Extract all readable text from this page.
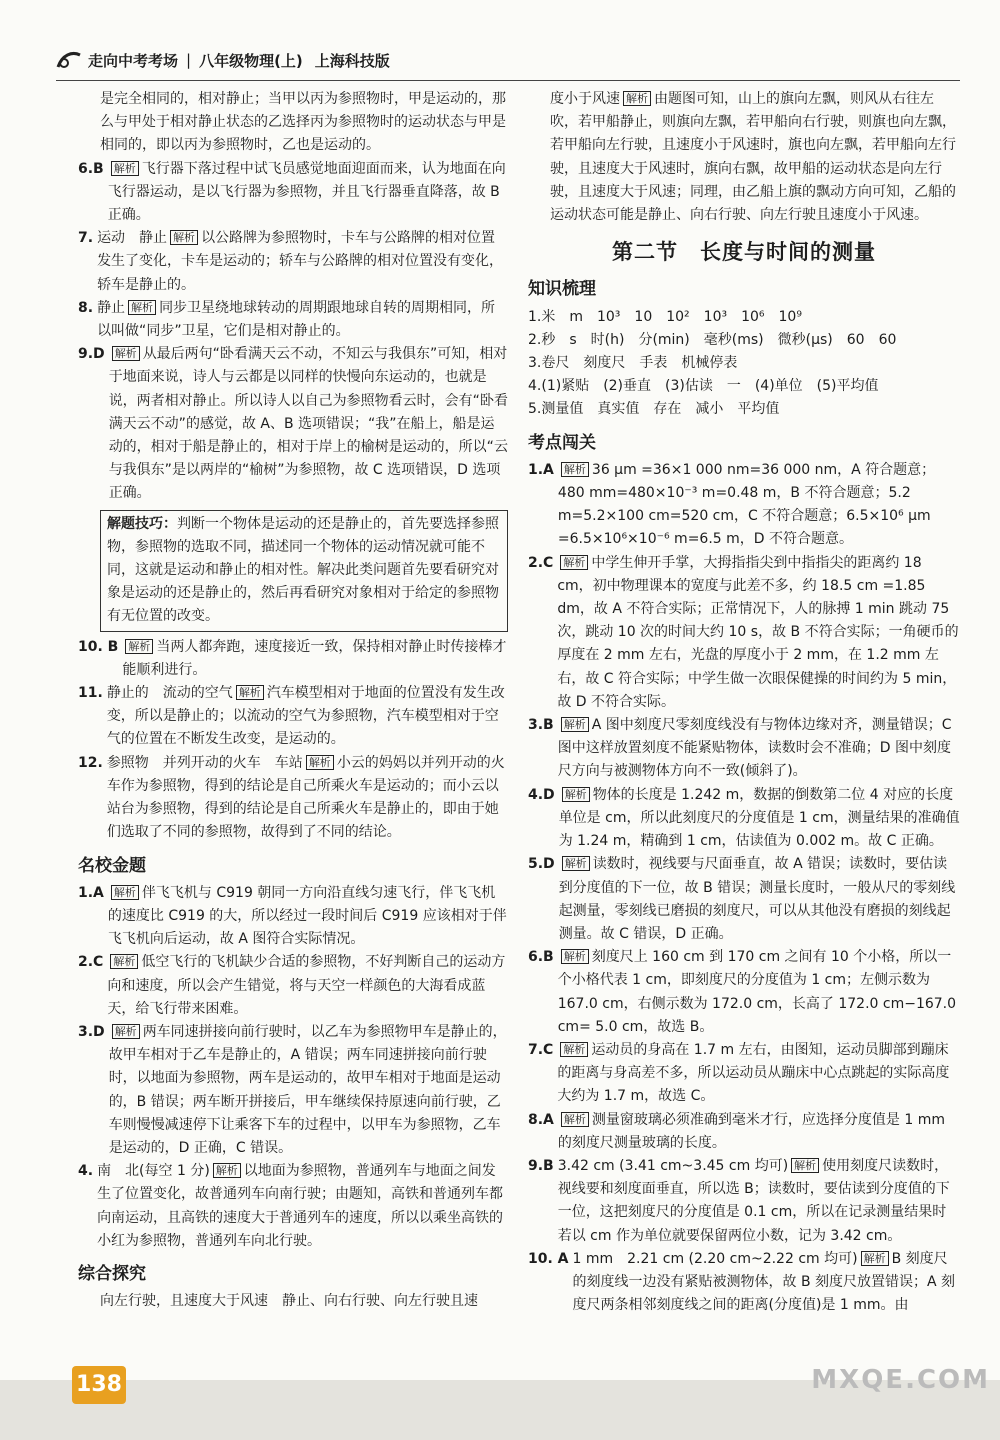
走向中考考场 | 八年级物理(上) 上海科技版
是完全相同的，相对静止；当甲以丙为参照物时，甲是运动的，那么与甲处于相对静止状态的乙选择丙为参照物时的运动状态与甲是相同的，即以丙为参照物时，乙也是运动的。
6.B 解析 飞行器下落过程中试飞员感觉地面迎面而来，认为地面在向飞行器运动，是以飞行器为参照物，并且飞行器垂直降落，故 B 正确。
7. 运动　静止 解析 以公路牌为参照物时，卡车与公路牌的相对位置发生了变化，卡车是运动的；轿车与公路牌的相对位置没有变化，轿车是静止的。
8. 静止 解析 同步卫星绕地球转动的周期跟地球自转的周期相同，所以叫做“同步”卫星，它们是相对静止的。
9.D 解析 从最后两句“卧看满天云不动，不知云与我俱东”可知，相对于地面来说，诗人与云都是以同样的快慢向东运动的，也就是说，两者相对静止。所以诗人以自己为参照物看云时，会有“卧看满天云不动”的感觉，故 A、B 选项错误；“我”在船上，船是运动的，相对于船是静止的，相对于岸上的榆树是运动的，所以“云与我俱东”是以两岸的“榆树”为参照物，故 C 选项错误，D 选项正确。
解题技巧：判断一个物体是运动的还是静止的，首先要选择参照物，参照物的选取不同，描述同一个物体的运动情况就可能不同，这就是运动和静止的相对性。解决此类问题首先要看研究对象是运动的还是静止的，然后再看研究对象相对于给定的参照物有无位置的改变。
10. B 解析 当两人都奔跑，速度接近一致，保持相对静止时传接棒才能顺利进行。
11. 静止的　流动的空气 解析 汽车模型相对于地面的位置没有发生改变，所以是静止的；以流动的空气为参照物，汽车模型相对于空气的位置在不断发生改变，是运动的。
12. 参照物　并列开动的火车　车站 解析 小云的妈妈以并列开动的火车作为参照物，得到的结论是自己所乘火车是运动的；而小云以站台为参照物，得到的结论是自己所乘火车是静止的，即由于她们选取了不同的参照物，故得到了不同的结论。
名校金题
1.A 解析 伴飞飞机与 C919 朝同一方向沿直线匀速飞行，伴飞飞机的速度比 C919 的大，所以经过一段时间后 C919 应该相对于伴飞飞机向后运动，故 A 图符合实际情况。
2.C 解析 低空飞行的飞机缺少合适的参照物，不好判断自己的运动方向和速度，所以会产生错觉，将与天空一样颜色的大海看成蓝天，给飞行带来困难。
3.D 解析 两车同速拼接向前行驶时，以乙车为参照物甲车是静止的，故甲车相对于乙车是静止的，A 错误；两车同速拼接向前行驶时，以地面为参照物，两车是运动的，故甲车相对于地面是运动的，B 错误；两车断开拼接后，甲车继续保持原速向前行驶，乙车则慢慢减速停下让乘客下车的过程中，以甲车为参照物，乙车是运动的，D 正确，C 错误。
4. 南　北(每空 1 分) 解析 以地面为参照物，普通列车与地面之间发生了位置变化，故普通列车向南行驶；由题知，高铁和普通列车都向南运动，且高铁的速度大于普通列车的速度，所以以乘坐高铁的小红为参照物，普通列车向北行驶。
综合探究
向左行驶，且速度大于风速　静止、向右行驶、向左行驶且速
度小于风速 解析 由题图可知，山上的旗向左飘，则风从右往左吹，若甲船静止，则旗向左飘，若甲船向右行驶，则旗也向左飘，若甲船向左行驶，且速度小于风速时，旗也向左飘，若甲船向左行驶，且速度大于风速时，旗向右飘，故甲船的运动状态是向左行驶，且速度大于风速；同理，由乙船上旗的飘动方向可知，乙船的运动状态可能是静止、向右行驶、向左行驶且速度小于风速。
第二节　长度与时间的测量
知识梳理
1.米　m　10³　10　10²　10³　10⁶　10⁹
2.秒　s　时(h)　分(min)　毫秒(ms)　微秒(μs)　60　60
3.卷尺　刻度尺　手表　机械停表
4.(1)紧贴　(2)垂直　(3)估读　一　(4)单位　(5)平均值
5.测量值　真实值　存在　减小　平均值
考点闯关
1.A 解析 36 μm =36×1 000 nm=36 000 nm，A 符合题意；480 mm=480×10⁻³ m=0.48 m，B 不符合题意；5.2 m=5.2×100 cm=520 cm，C 不符合题意；6.5×10⁶ μm =6.5×10⁶×10⁻⁶ m=6.5 m，D 不符合题意。
2.C 解析 中学生伸开手掌，大拇指指尖到中指指尖的距离约 18 cm，初中物理课本的宽度与此差不多，约 18.5 cm =1.85 dm，故 A 不符合实际；正常情况下，人的脉搏 1 min 跳动 75 次，跳动 10 次的时间大约 10 s，故 B 不符合实际；一角硬币的厚度在 2 mm 左右，光盘的厚度小于 2 mm，在 1.2 mm 左右，故 C 符合实际；中学生做一次眼保健操的时间约为 5 min，故 D 不符合实际。
3.B 解析 A 图中刻度尺零刻度线没有与物体边缘对齐，测量错误；C 图中这样放置刻度不能紧贴物体，读数时会不准确；D 图中刻度尺方向与被测物体方向不一致(倾斜了)。
4.D 解析 物体的长度是 1.242 m，数据的倒数第二位 4 对应的长度单位是 cm，所以此刻度尺的分度值是 1 cm，测量结果的准确值为 1.24 m，精确到 1 cm，估读值为 0.002 m。故 C 正确。
5.D 解析 读数时，视线要与尺面垂直，故 A 错误；读数时，要估读到分度值的下一位，故 B 错误；测量长度时，一般从尺的零刻线起测量，零刻线已磨损的刻度尺，可以从其他没有磨损的刻线起测量。故 C 错误，D 正确。
6.B 解析 刻度尺上 160 cm 到 170 cm 之间有 10 个小格，所以一个小格代表 1 cm，即刻度尺的分度值为 1 cm；左侧示数为 167.0 cm，右侧示数为 172.0 cm，长高了 172.0 cm−167.0 cm= 5.0 cm，故选 B。
7.C 解析 运动员的身高在 1.7 m 左右，由图知，运动员脚部到蹦床的距离与身高差不多，所以运动员从蹦床中心点跳起的实际高度大约为 1.7 m，故选 C。
8.A 解析 测量窗玻璃必须准确到毫米才行，应选择分度值是 1 mm 的刻度尺测量玻璃的长度。
9.B 3.42 cm (3.41 cm~3.45 cm 均可) 解析 使用刻度尺读数时，视线要和刻度面垂直，所以选 B；读数时，要估读到分度值的下一位，这把刻度尺的分度值是 0.1 cm，所以在记录测量结果时若以 cm 作为单位就要保留两位小数，记为 3.42 cm。
10. A 1 mm　2.21 cm (2.20 cm~2.22 cm 均可) 解析 B 刻度尺的刻度线一边没有紧贴被测物体，故 B 刻度尺放置错误；A 刻度尺两条相邻刻度线之间的距离(分度值)是 1 mm。由
138	MXQE.COM
